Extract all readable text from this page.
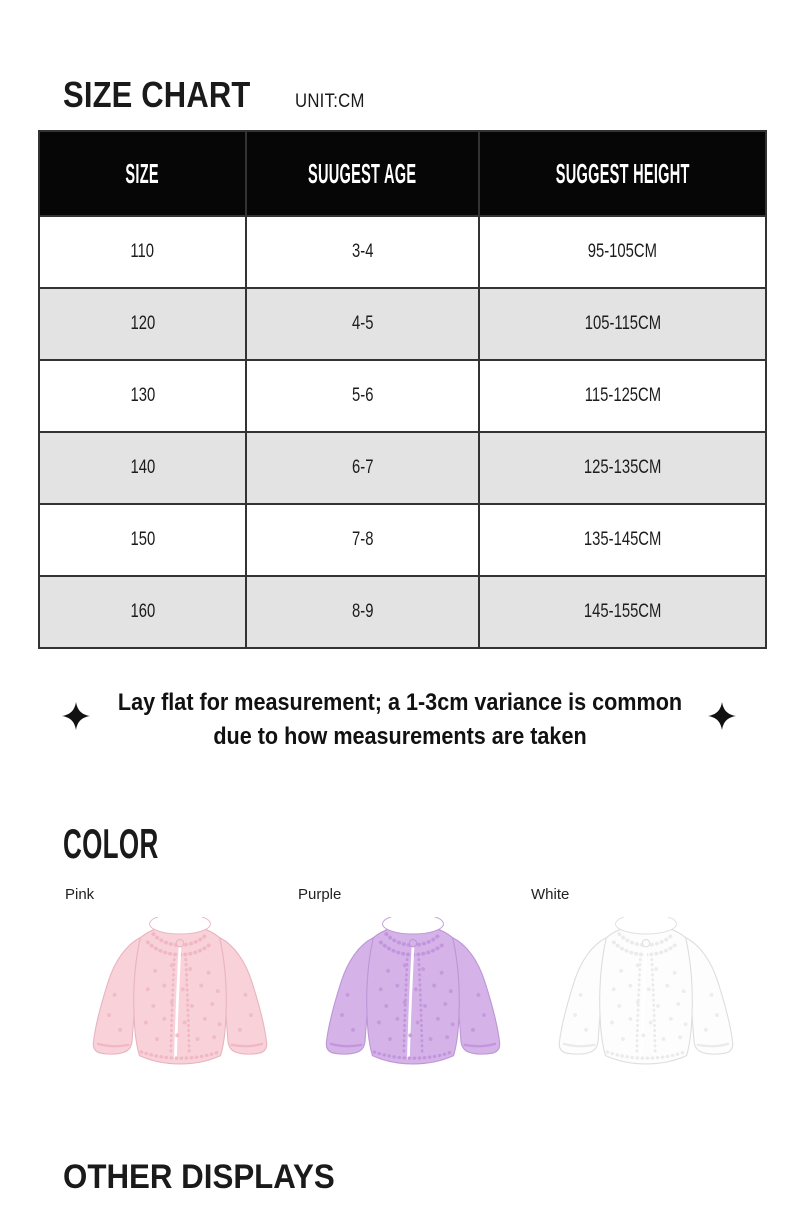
SIZE CHART UNIT:CM
SIZE	SUUGEST AGE	SUGGEST HEIGHT
110	3-4	95-105CM
120	4-5	105-115CM
130	5-6	115-125CM
140	6-7	125-135CM
150	7-8	135-145CM
160	8-9	145-155CM
Lay flat for measurement; a 1-3cm variance is common
due to how measurements are taken
COLOR
Pink	Purple	White
OTHER DISPLAYS
